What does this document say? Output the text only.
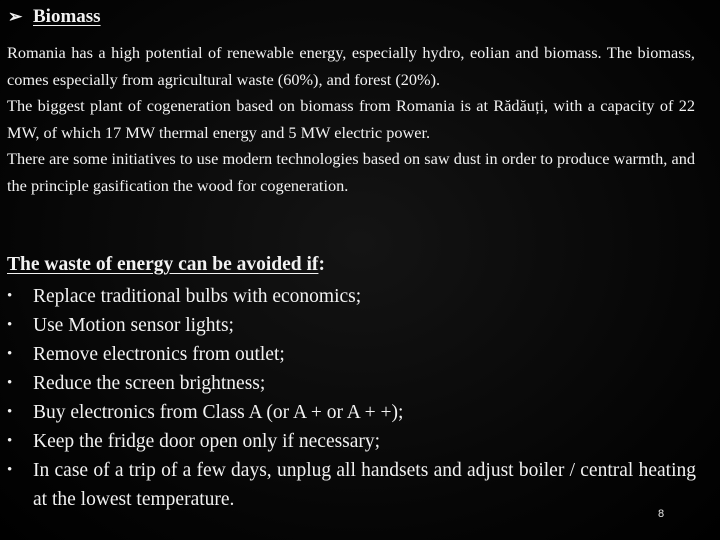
➢ Biomass

Romania has a high potential of renewable energy, especially hydro, eolian and biomass. The biomass, comes especially from agricultural waste (60%), and forest (20%).

The biggest plant of cogeneration based on biomass from Romania is at Rădăuți, with a capacity of 22 MW, of which 17 MW thermal energy and 5 MW electric power.

There are some initiatives to use modern technologies based on saw dust in order to produce warmth, and the principle gasification the wood for cogeneration.

The waste of energy can be avoided if:
•	Replace traditional bulbs with economics;
•	Use Motion sensor lights;
•	Remove electronics from outlet;
•	Reduce the screen brightness;
•	Buy electronics from Class A (or A + or A + +);
•	Keep the fridge door open only if necessary;
•	In case of a trip of a few days, unplug all handsets and adjust boiler / central heating at the lowest temperature.
8
